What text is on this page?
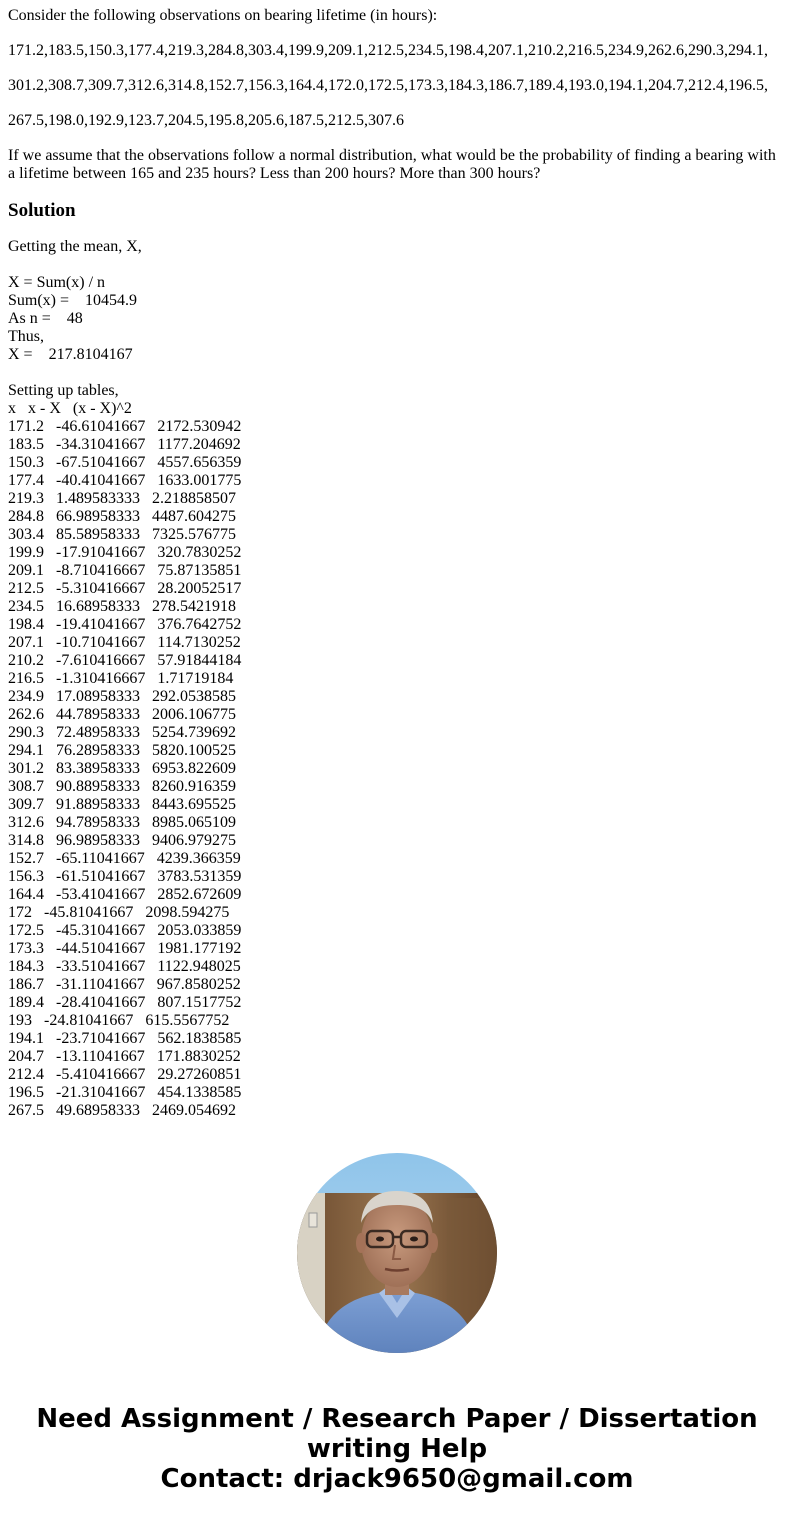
Consider the following observations on bearing lifetime (in hours):

171.2,183.5,150.3,177.4,219.3,284.8,303.4,199.9,209.1,212.5,234.5,198.4,207.1,210.2,216.5,234.9,262.6,290.3,294.1,

301.2,308.7,309.7,312.6,314.8,152.7,156.3,164.4,172.0,172.5,173.3,184.3,186.7,189.4,193.0,194.1,204.7,212.4,196.5,

267.5,198.0,192.9,123.7,204.5,195.8,205.6,187.5,212.5,307.6

If we assume that the observations follow a normal distribution, what would be the probability of finding a bearing with a lifetime between 165 and 235 hours? Less than 200 hours? More than 300 hours?

Solution
Getting the mean, X,
X = Sum(x) / n
Sum(x) =    10454.9
As n =    48
Thus,
X =    217.8104167
Setting up tables,
x   x - X   (x - X)^2
171.2   -46.61041667   2172.530942
183.5   -34.31041667   1177.204692
150.3   -67.51041667   4557.656359
177.4   -40.41041667   1633.001775
219.3   1.489583333   2.218858507
284.8   66.98958333   4487.604275
303.4   85.58958333   7325.576775
199.9   -17.91041667   320.7830252
209.1   -8.710416667   75.87135851
212.5   -5.310416667   28.20052517
234.5   16.68958333   278.5421918
198.4   -19.41041667   376.7642752
207.1   -10.71041667   114.7130252
210.2   -7.610416667   57.91844184
216.5   -1.310416667   1.71719184
234.9   17.08958333   292.0538585
262.6   44.78958333   2006.106775
290.3   72.48958333   5254.739692
294.1   76.28958333   5820.100525
301.2   83.38958333   6953.822609
308.7   90.88958333   8260.916359
309.7   91.88958333   8443.695525
312.6   94.78958333   8985.065109
314.8   96.98958333   9406.979275
152.7   -65.11041667   4239.366359
156.3   -61.51041667   3783.531359
164.4   -53.41041667   2852.672609
172   -45.81041667   2098.594275
172.5   -45.31041667   2053.033859
173.3   -44.51041667   1981.177192
184.3   -33.51041667   1122.948025
186.7   -31.11041667   967.8580252
189.4   -28.41041667   807.1517752
193   -24.81041667   615.5567752
194.1   -23.71041667   562.1838585
204.7   -13.11041667   171.8830252
212.4   -5.410416667   29.27260851
196.5   -21.31041667   454.1338585
267.5   49.68958333   2469.054692
Need Assignment / Research Paper / Dissertation
writing Help
Contact: drjack9650@gmail.com
